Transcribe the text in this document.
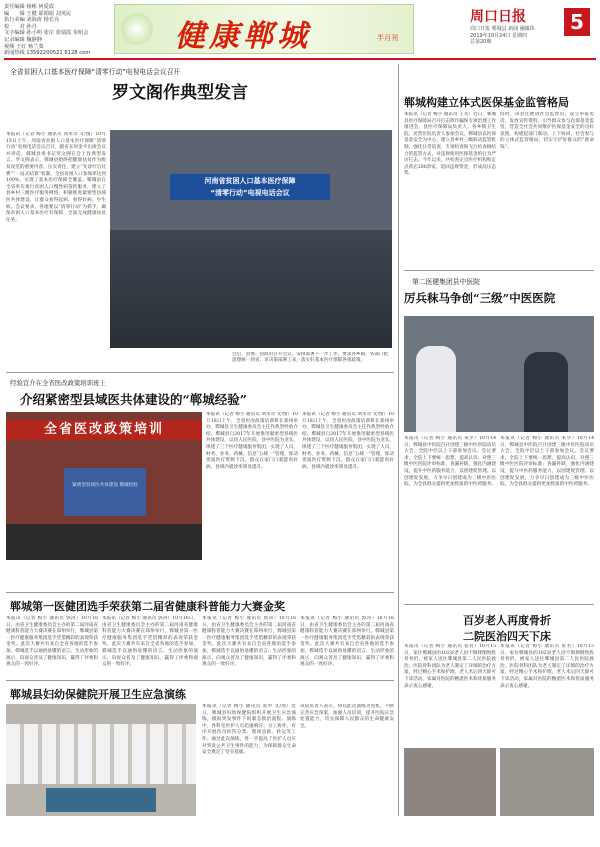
责任编辑 杨彬 何爱霞
编　　辑 王健 邵娟娟 刘英民
执行美编 刘海涛 杨长亮
校　　对 孙丹
文字编辑 孙小明 张岸 张瑞霞 朱明会
记录编辑 魏静静
视频 王红 杨兰葵
新闻热线 13592200521 6128 com	健康郸城	半月刊
周口日报
周口日报 郸城县 新闻 融媒体
2019年10月24日 星期四
总第20期
5
全省贫困人口基本医疗保障“清零行动”电视电话会议召开
罗文阁作典型发言
本报讯（记者 梅小 通讯员 刘永奇 文/图）10月15日上午，河南省贫困人口基本医疗保障“清零行动”电视电话会议召开，副省长何金平出席会议并讲话，郸城县委书记罗文阁在会上作典型发言。罗文阁表示，郸城县始终把健康扶贫作为脱贫攻坚的重要内容，压实责任，建立“先诊疗后付费”“一站式结算”机制，全县贫困人口参保率达到100%，实现了基本医疗保障全覆盖。郸城县在全省率先推行贫困人口慢性病签约服务，建立了县乡村三级医疗服务网络，积极推进紧密型县域医共体建设，让群众看得起病、看得好病、少生病。会议要求，各地要以“清零行动”为抓手，确保贫困人口基本医疗有保障，全面完成健康扶贫任务。
河南省贫困人口基本医疗保障
“清零行动”电视电话会议
会后，县委、县政府召开会议，安排部署下一步工作，要求各乡镇、各部门把思想统一到省、市决策部署上来，落实好基本医疗保障各项政策。
郸城构建立体式医保基金监管格局
本报讯（记者 梅小 通讯员 王永）近日，郸城县医疗保障局召开打击欺诈骗保专项治理工作推进会，县医疗保障局负责人、各乡镇卫生院、民营医院负责人参加会议。郸城县以医保基金安全为中心，建立县乡村三级联动监管机制，强化日常巡查、专项检查和飞行检查相结合的监管方式，对违规使用医保基金的行为严厉打击。今年以来，共检查定点医疗机构和定点药店200余家，追回违规资金，形成高压态势。
同时，该县还聘请社会监督员，设立举报电话，发放宣传资料，引导群众参与医保基金监管，营造全社会共同维护医保基金安全的良好氛围，构建起部门联动、上下协同、社会参与的立体式监管格局，切实守护好群众的“救命钱”。
第二医健集团县中医院
厉兵秣马争创“三级”中医医院
本报讯（记者 梅小 通讯员 朱少）10月14日，郸城县中医院召开创建三级中医医院动员大会，全院中层以上干部参加会议。会议要求，全院上下要统一思想，提高认识，对照三级中医医院评审标准，查漏补缺，强化内涵建设，提升中医药服务能力，以创建促管理、以创建促发展，力争早日创建成为三级中医医院，为全县群众提供更加优质的中医药服务。
本报讯（记者 梅小 通讯员 朱少）10月14日，郸城县中医院召开创建三级中医医院动员大会，全院中层以上干部参加会议。会议要求，全院上下要统一思想，提高认识，对照三级中医医院评审标准，查漏补缺，强化内涵建设，提升中医药服务能力，以创建促管理、以创建促发展，力争早日创建成为三级中医医院，为全县群众提供更加优质的中医药服务。
百岁老人再度骨折
二院医治四天下床
本报讯（记者 梅小 通讯员 张君）10月15日，家住郸城县的102岁老人因不慎摔倒致股骨骨折，被家人送往郸城县第二人民医院救治。医院骨科团队为老人制定了详细的治疗方案，经过精心手术和护理，老人术后四天即可下床活动，家属对医院的精湛医术和优质服务表示衷心感谢。
本报讯（记者 梅小 通讯员 张君）10月15日，家住郸城县的102岁老人因不慎摔倒致股骨骨折，被家人送往郸城县第二人民医院救治。医院骨科团队为老人制定了详细的治疗方案，经过精心手术和护理，老人术后四天即可下床活动，家属对医院的精湛医术和优质服务表示衷心感谢。
经验宣介在全省医改政策培训班上
介绍紧密型县域医共体建设的“郸城经验”
全省医改政策培训
紧密型县域医共体建设 郸城经验
本报讯（记者 梅小 通讯员 刘永奇 文/图）10月18日上午，全省医改政策培训班在郑州举办，郸城县卫生健康委员会主任作典型经验介绍。郸城县自2017年开始推进紧密型县域医共体建设，以县人民医院、县中医院为龙头，组建了三个医疗健康服务集团，实现了人员、财务、业务、药械、信息“五统一”管理，推动优质医疗资源下沉，群众在家门口就能看好病，县域内就诊率明显提升。
本报讯（记者 梅小 通讯员 刘永奇 文/图）10月18日上午，全省医改政策培训班在郑州举办，郸城县卫生健康委员会主任作典型经验介绍。郸城县自2017年开始推进紧密型县域医共体建设，以县人民医院、县中医院为龙头，组建了三个医疗健康服务集团，实现了人员、财务、业务、药械、信息“五统一”管理，推动优质医疗资源下沉，群众在家门口就能看好病，县域内就诊率明显提升。
郸城第一医健团选手荣获第二届省健康科普能力大赛金奖
本报讯（记者 梅小 通讯员 郭涛）10月16日，由省卫生健康委员会主办的第二届河南省健康科普能力大赛决赛在郑州举行，郸城县第一医疗健康服务集团选手凭借精彩的表现荣获金奖。此次大赛共有来自全省各地的选手参加，郸城选手以通俗易懂的语言、生动形象的演示，向观众普及了健康知识，赢得了评委和观众的一致好评。
本报讯（记者 梅小 通讯员 郭涛）10月16日，由省卫生健康委员会主办的第二届河南省健康科普能力大赛决赛在郑州举行，郸城县第一医疗健康服务集团选手凭借精彩的表现荣获金奖。此次大赛共有来自全省各地的选手参加，郸城选手以通俗易懂的语言、生动形象的演示，向观众普及了健康知识，赢得了评委和观众的一致好评。
本报讯（记者 梅小 通讯员 郭涛）10月16日，由省卫生健康委员会主办的第二届河南省健康科普能力大赛决赛在郑州举行，郸城县第一医疗健康服务集团选手凭借精彩的表现荣获金奖。此次大赛共有来自全省各地的选手参加，郸城选手以通俗易懂的语言、生动形象的演示，向观众普及了健康知识，赢得了评委和观众的一致好评。
本报讯（记者 梅小 通讯员 郭涛）10月16日，由省卫生健康委员会主办的第二届河南省健康科普能力大赛决赛在郑州举行，郸城县第一医疗健康服务集团选手凭借精彩的表现荣获金奖。此次大赛共有来自全省各地的选手参加，郸城选手以通俗易懂的语言、生动形象的演示，向观众普及了健康知识，赢得了评委和观众的一致好评。
郸城县妇幼保健院开展卫生应急演练
本报讯（记者 梅小 通讯员 高中 文/图）近日，郸城县妇幼保健院组织开展卫生应急演练，模拟突发事件下的紧急救治流程。演练中，各科室医护人员迅速响应、分工协作，有序开展伤员检伤分类、现场急救、转运等工作。通过此次演练，进一步提高了医护人员应对突发公共卫生事件的能力，为保障群众生命安全奠定了坚实基础。
该院负责人表示，将以此次演练为契机，不断完善应急预案，加强人员培训，提升医院应急处置能力，切实保障人民群众的生命健康安全。
